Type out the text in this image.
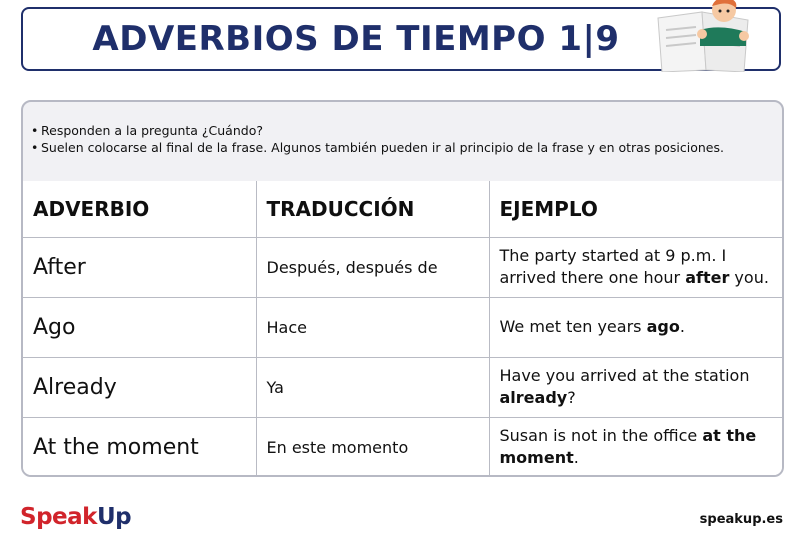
ADVERBIOS DE TIEMPO 1|9
• Responden a la pregunta ¿Cuándo?
• Suelen colocarse al final de la frase. Algunos también pueden ir al principio de la frase y en otras posiciones.
ADVERBIO	TRADUCCIÓN	EJEMPLO
After	Después, después de	The party started at 9 p.m. I arrived there one hour after you.
Ago	Hace	We met ten years ago.
Already	Ya	Have you arrived at the station already?
At the moment	En este momento	Susan is not in the office at the moment.
SpeakUp	speakup.es
